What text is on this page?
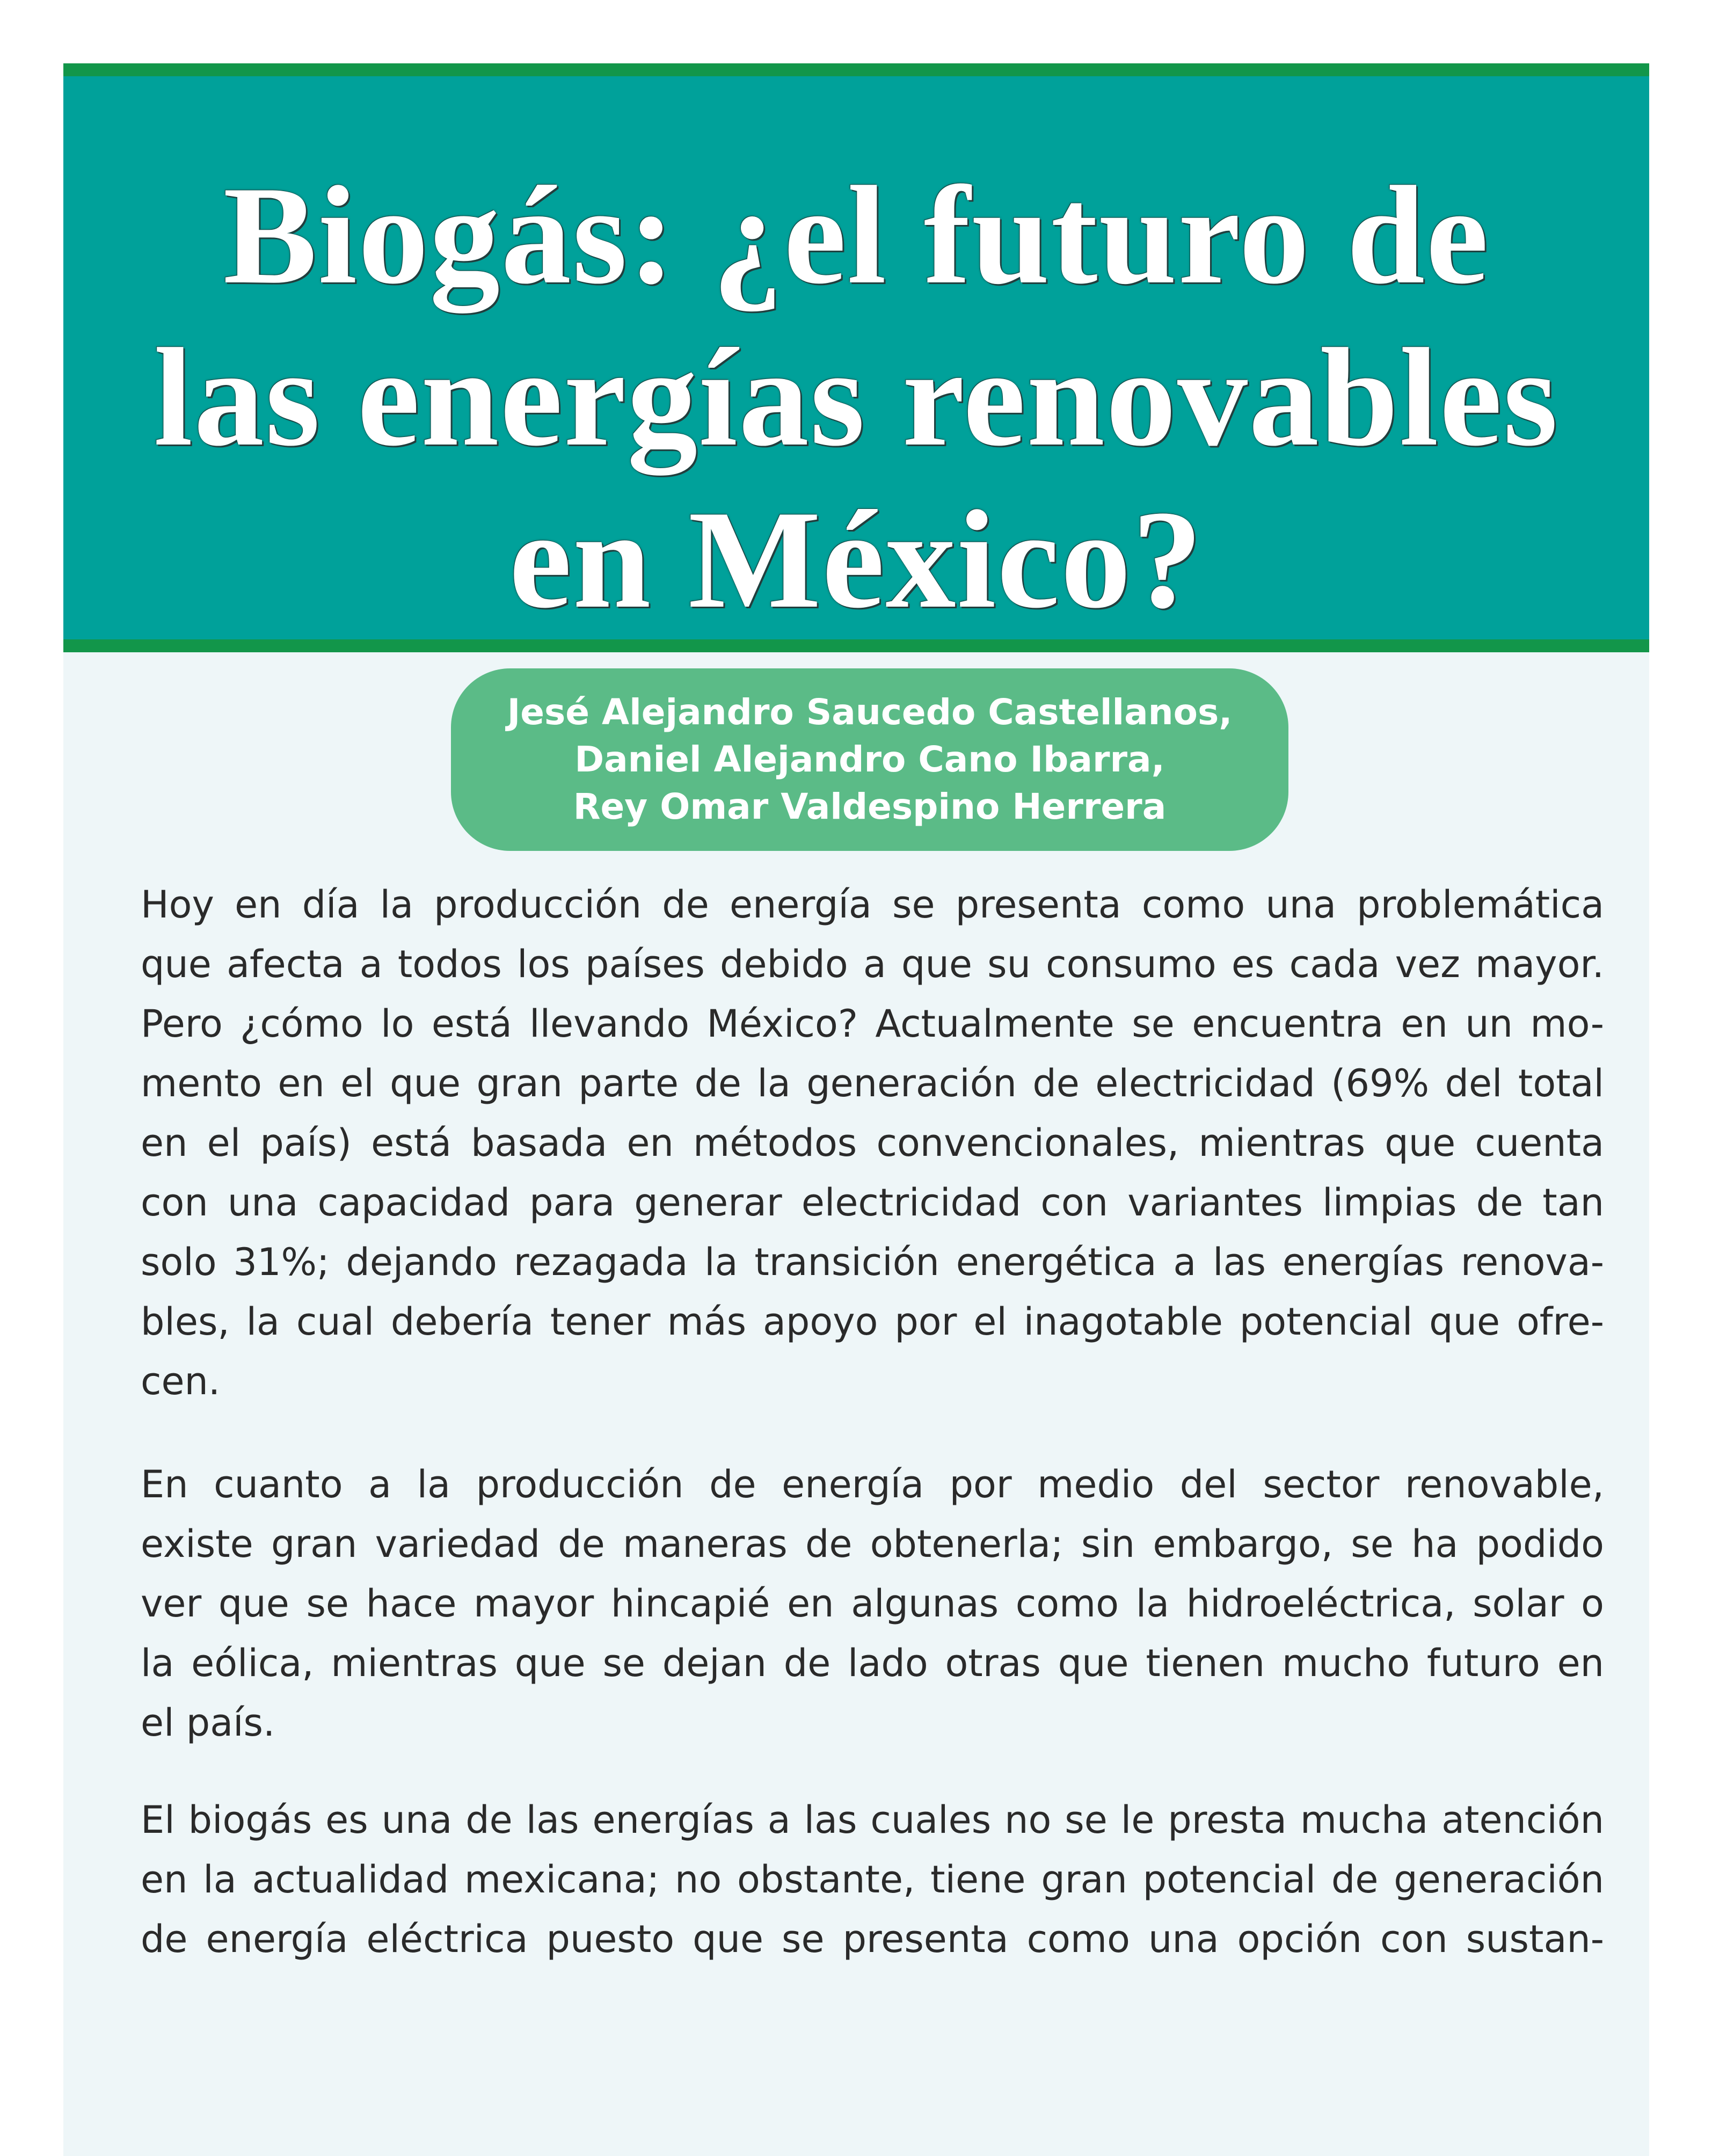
Biogás: ¿el futuro de
las energías renovables
en México?
Jesé Alejandro Saucedo Castellanos,
Daniel Alejandro Cano Ibarra,
Rey Omar Valdespino Herrera
Hoy en día la producción de energía se presenta como una problemática
que afecta a todos los países debido a que su consumo es cada vez mayor.
Pero ¿cómo lo está llevando México? Actualmente se encuentra en un mo-
mento en el que gran parte de la generación de electricidad (69% del total
en el país) está basada en métodos convencionales, mientras que cuenta
con una capacidad para generar electricidad con variantes limpias de tan
solo 31%; dejando rezagada la transición energética a las energías renova-
bles, la cual debería tener más apoyo por el inagotable potencial que ofre-
cen.
En cuanto a la producción de energía por medio del sector renovable,
existe gran variedad de maneras de obtenerla; sin embargo, se ha podido
ver que se hace mayor hincapié en algunas como la hidroeléctrica, solar o
la eólica, mientras que se dejan de lado otras que tienen mucho futuro en
el país.
El biogás es una de las energías a las cuales no se le presta mucha atención
en la actualidad mexicana; no obstante, tiene gran potencial de generación
de energía eléctrica puesto que se presenta como una opción con sustan-
